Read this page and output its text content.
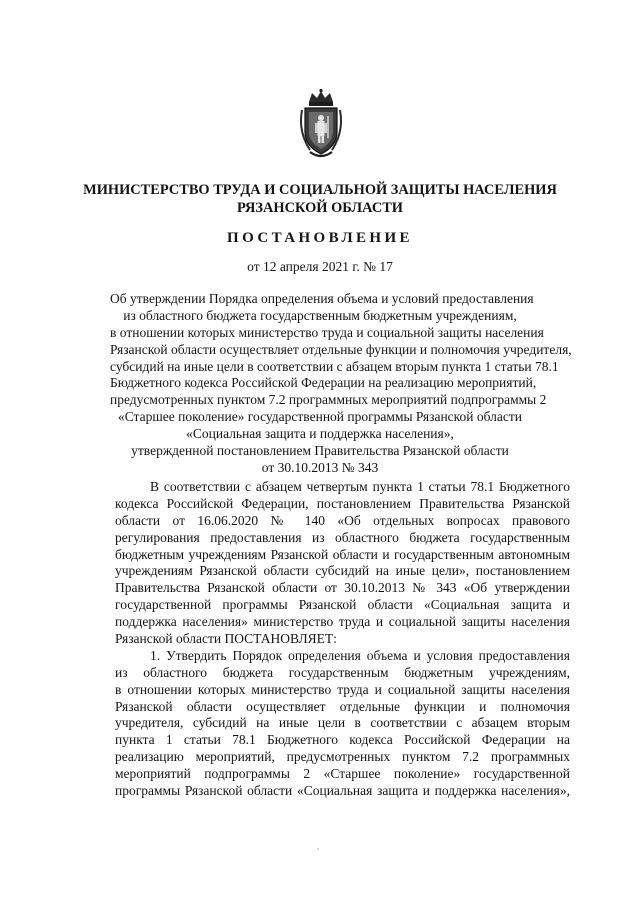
МИНИСТЕРСТВО ТРУДА И СОЦИАЛЬНОЙ ЗАЩИТЫ НАСЕЛЕНИЯ
РЯЗАНСКОЙ ОБЛАСТИ
ПОСТАНОВЛЕНИЕ
от 12 апреля 2021 г. № 17
Об утверждении Порядка определения объема и условий предоставления
из областного бюджета государственным бюджетным учреждениям,
в отношении которых министерство труда и социальной защиты населения
Рязанской области осуществляет отдельные функции и полномочия учредителя,
субсидий на иные цели в соответствии с абзацем вторым пункта 1 статьи 78.1
Бюджетного кодекса Российской Федерации на реализацию мероприятий,
предусмотренных пунктом 7.2 программных мероприятий подпрограммы 2
«Старшее поколение» государственной программы Рязанской области
«Социальная защита и поддержка населения»,
утвержденной постановлением Правительства Рязанской области
от 30.10.2013 № 343
В соответствии с абзацем четвертым пункта 1 статьи 78.1 Бюджетного
кодекса Российской Федерации, постановлением Правительства Рязанской
области от 16.06.2020 № 140 «Об отдельных вопросах правового
регулирования предоставления из областного бюджета государственным
бюджетным учреждениям Рязанской области и государственным автономным
учреждениям Рязанской области субсидий на иные цели», постановлением
Правительства Рязанской области от 30.10.2013 № 343 «Об утверждении
государственной программы Рязанской области «Социальная защита и
поддержка населения» министерство труда и социальной защиты населения
Рязанской области ПОСТАНОВЛЯЕТ:
1. Утвердить Порядок определения объема и условия предоставления
из областного бюджета государственным бюджетным учреждениям,
в отношении которых министерство труда и социальной защиты населения
Рязанской области осуществляет отдельные функции и полномочия
учредителя, субсидий на иные цели в соответствии с абзацем вторым
пункта 1 статьи 78.1 Бюджетного кодекса Российской Федерации на
реализацию мероприятий, предусмотренных пунктом 7.2 программных
мероприятий подпрограммы 2 «Старшее поколение» государственной
программы Рязанской области «Социальная защита и поддержка населения»,
